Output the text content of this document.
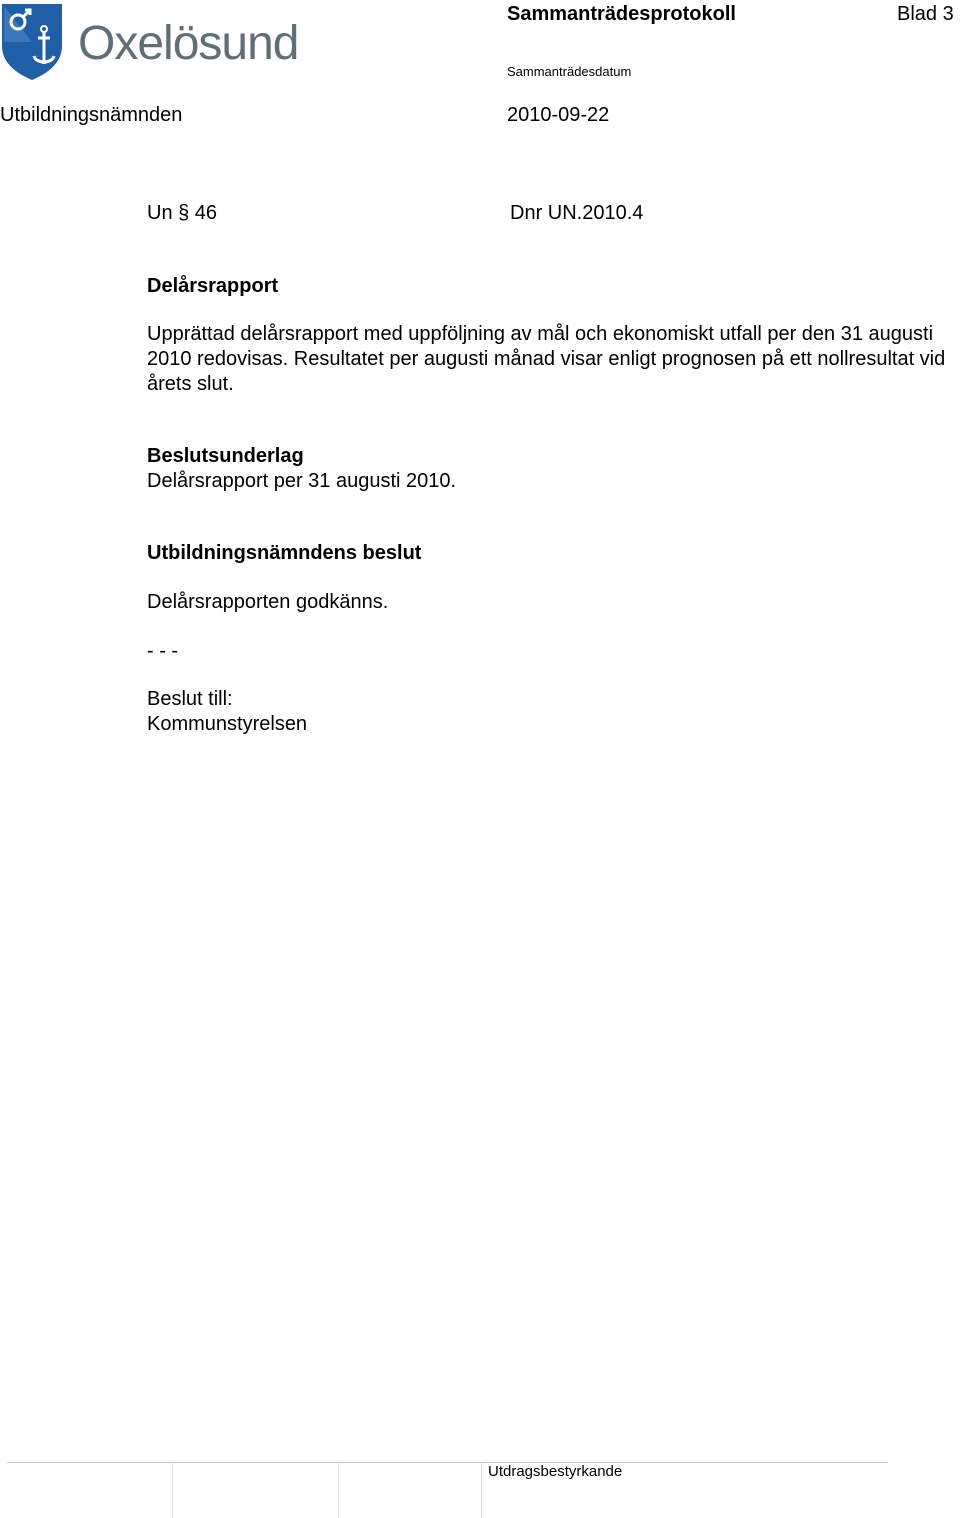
Oxelösund
Sammanträdesprotokoll	Blad 3
Sammanträdesdatum
Utbildningsnämnden	2010-09-22
Un § 46	Dnr UN.2010.4
Delårsrapport
Upprättad delårsrapport med uppföljning av mål och ekonomiskt utfall per den 31 augusti 2010 redovisas. Resultatet per augusti månad visar enligt prognosen på ett nollresultat vid årets slut.
Beslutsunderlag
Delårsrapport per 31 augusti 2010.
Utbildningsnämndens beslut
Delårsrapporten godkänns.
- - -
Beslut till:
Kommunstyrelsen
Utdragsbestyrkande
